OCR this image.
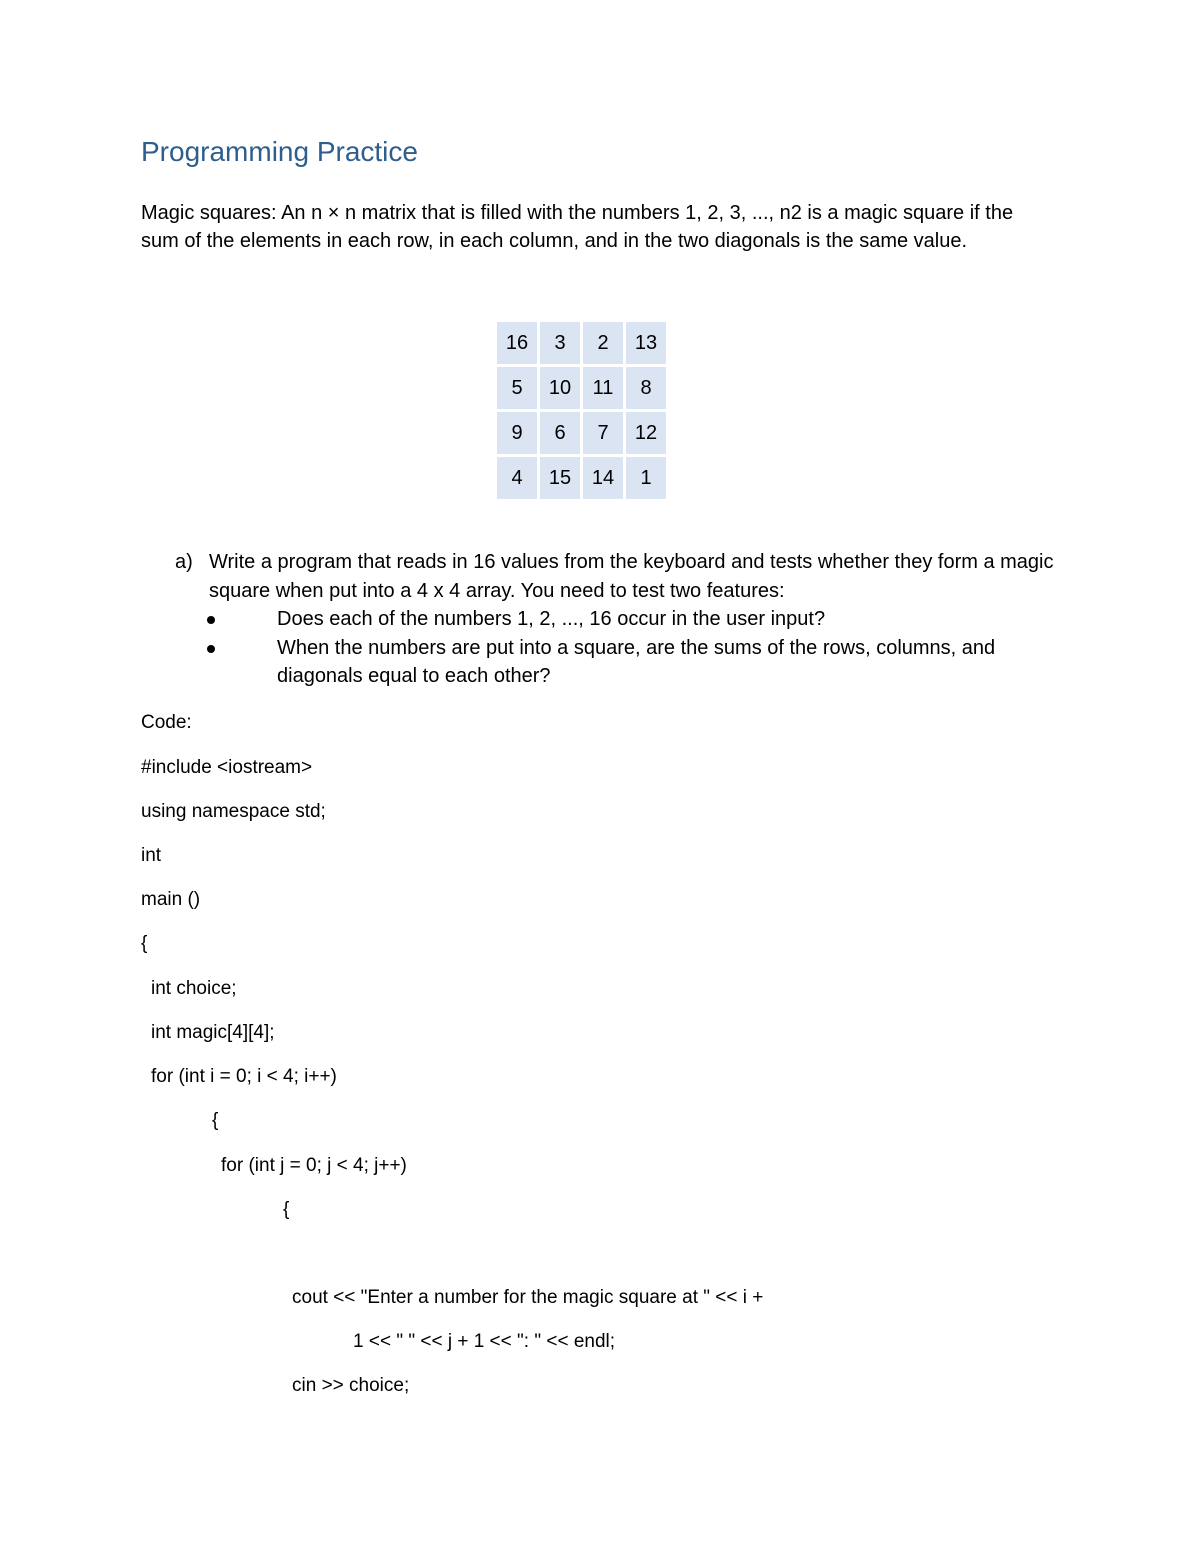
Programming Practice

Magic squares: An n × n matrix that is filled with the numbers 1, 2, 3, ..., n2 is a magic square if the sum of the elements in each row, in each column, and in the two diagonals is the same value.

16	3	2	13
5	10	11	8
9	6	7	12
4	15	14	1
a) Write a program that reads in 16 values from the keyboard and tests whether they form a magic square when put into a 4 x 4 array. You need to test two features:
Does each of the numbers 1, 2, ..., 16 occur in the user input?
When the numbers are put into a square, are the sums of the rows, columns, and diagonals equal to each other?

Code:

#include <iostream>

using namespace std;

int

main ()

{

int choice;

int magic[4][4];

for (int i = 0; i < 4; i++)

{

for (int j = 0; j < 4; j++)

{

cout << "Enter a number for the magic square at " << i +

1 << " " << j + 1 << ": " << endl;

cin >> choice;
